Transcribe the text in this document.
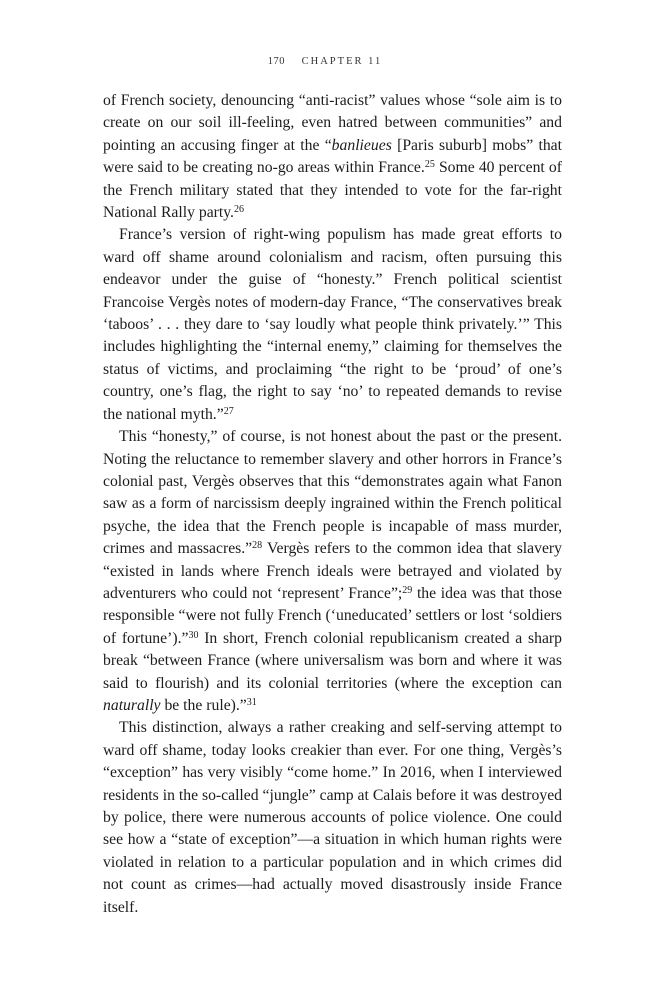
170 CHAPTER 11

of French society, denouncing “anti-racist” values whose “sole aim is to create on our soil ill-feeling, even hatred between communities” and pointing an accusing finger at the “banlieues [Paris suburb] mobs” that were said to be creating no-go areas within France.$^{25}$ Some 40 percent of the French military stated that they intended to vote for the far-right National Rally party.$^{26}$

France’s version of right-wing populism has made great efforts to ward off shame around colonialism and racism, often pursuing this endeavor under the guise of “honesty.” French political scientist Francoise Vergès notes of modern-day France, “The conservatives break ‘taboos’ . . . they dare to ‘say loudly what people think privately.’” This includes highlighting the “internal enemy,” claiming for themselves the status of victims, and proclaiming “the right to be ‘proud’ of one’s country, one’s flag, the right to say ‘no’ to repeated demands to revise the national myth.”$^{27}$

This “honesty,” of course, is not honest about the past or the present. Noting the reluctance to remember slavery and other horrors in France’s colonial past, Vergès observes that this “demonstrates again what Fanon saw as a form of narcissism deeply ingrained within the French political psyche, the idea that the French people is incapable of mass murder, crimes and massacres.”$^{28}$ Vergès refers to the common idea that slavery “existed in lands where French ideals were betrayed and violated by adventurers who could not ‘represent’ France”;$^{29}$ the idea was that those responsible “were not fully French (‘uneducated’ settlers or lost ‘soldiers of fortune’).”$^{30}$ In short, French colonial republicanism created a sharp break “between France (where universalism was born and where it was said to flourish) and its colonial territories (where the exception can naturally be the rule).”$^{31}$

This distinction, always a rather creaking and self-serving attempt to ward off shame, today looks creakier than ever. For one thing, Vergès’s “exception” has very visibly “come home.” In 2016, when I interviewed residents in the so-called “jungle” camp at Calais before it was destroyed by police, there were numerous accounts of police violence. One could see how a “state of exception”—a situation in which human rights were violated in relation to a particular population and in which crimes did not count as crimes—had actually moved disastrously inside France itself.
